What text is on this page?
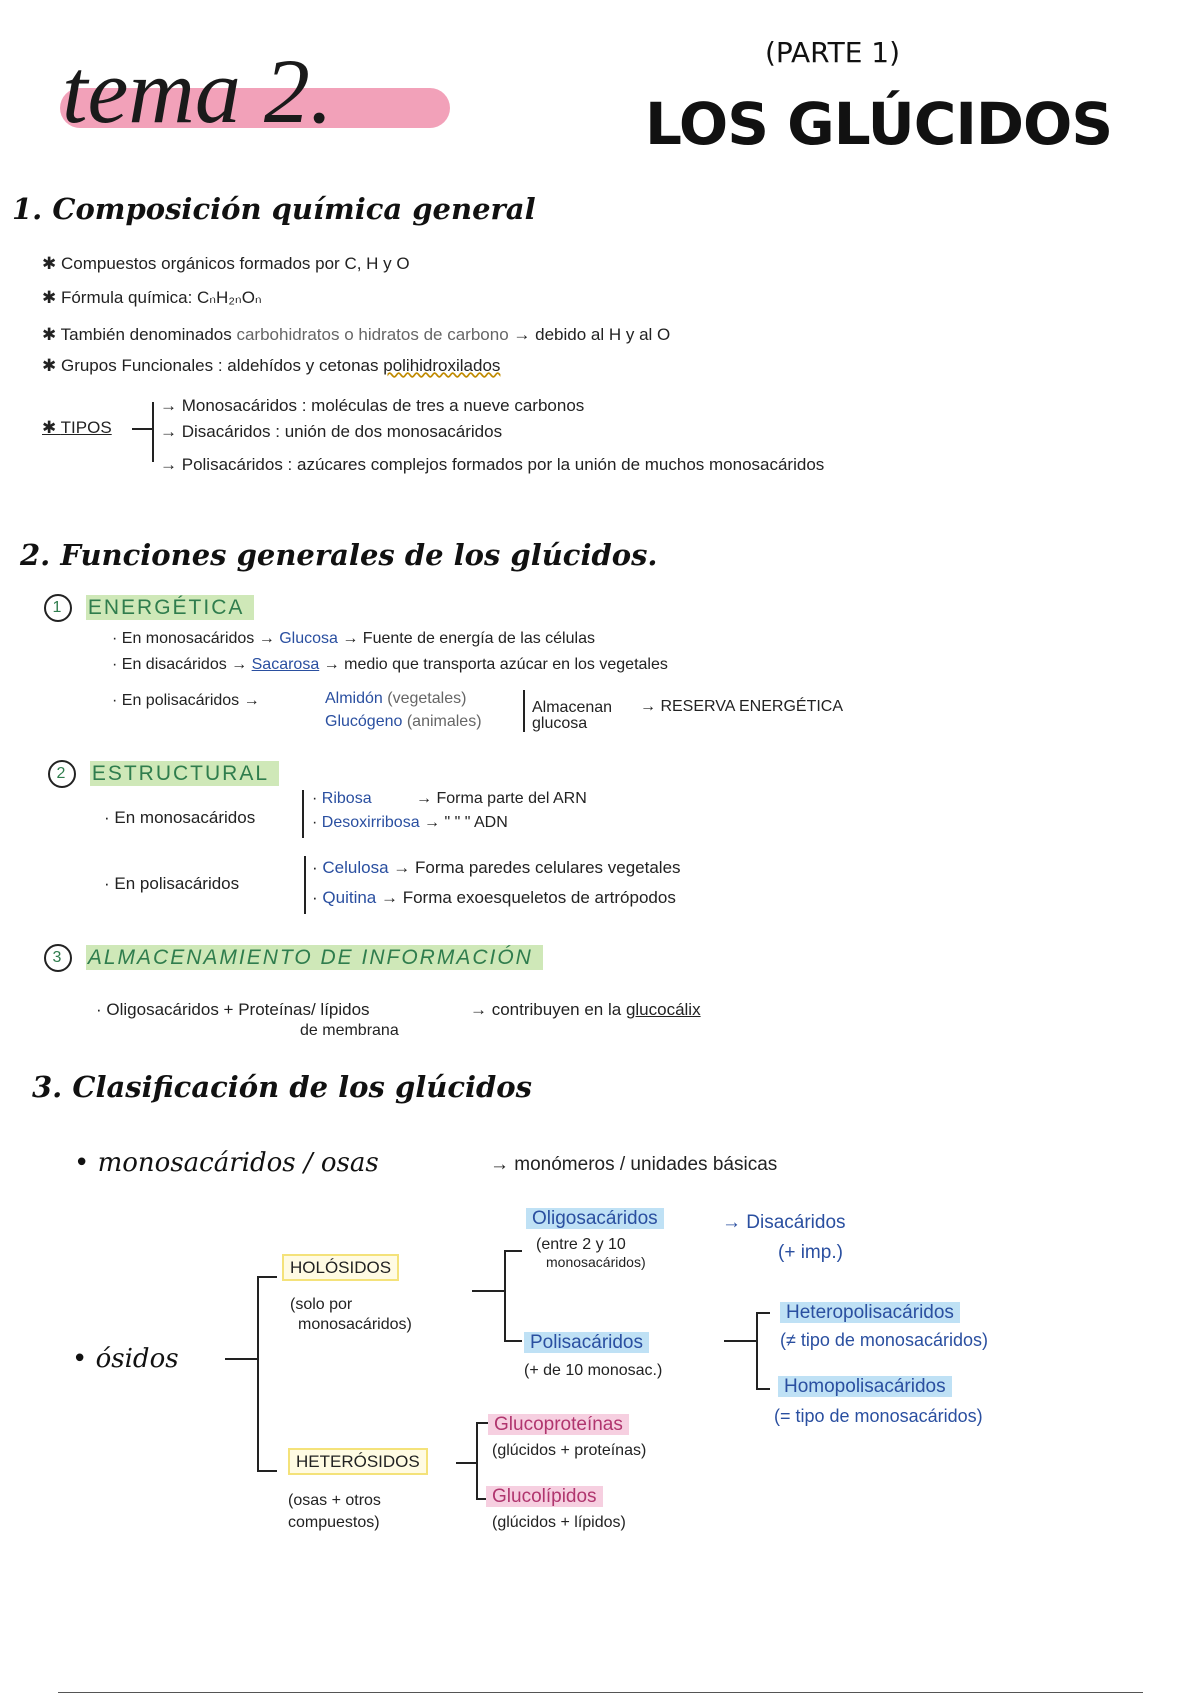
tema 2.	(PARTE 1)
LOS GLÚCIDOS
1. Composición química general
✱ Compuestos orgánicos formados por C, H y O
✱ Fórmula química: CₙH₂ₙOₙ
✱ También denominados carbohidratos o hidratos de carbono → debido al H y al O
✱ Grupos Funcionales : aldehídos y cetonas polihidroxilados
✱ TIPOS
→ Monosacáridos : moléculas de tres a nueve carbonos
→ Disacáridos : unión de dos monosacáridos
→ Polisacáridos : azúcares complejos formados por la unión de muchos monosacáridos
2. Funciones generales de los glúcidos.
1 ENERGÉTICA
· En monosacáridos → Glucosa → Fuente de energía de las células
· En disacáridos → Sacarosa → medio que transporta azúcar en los vegetales
· En polisacáridos →	Almidón (vegetales)
Glucógeno (animales)
Almacenan glucosa
→ RESERVA ENERGÉTICA
2 ESTRUCTURAL
· En monosacáridos
· Ribosa	→ Forma parte del ARN
· Desoxirribosa → " " " ADN
· En polisacáridos
· Celulosa → Forma paredes celulares vegetales
· Quitina → Forma exoesqueletos de artrópodos
3 ALMACENAMIENTO DE INFORMACIÓN
· Oligosacáridos + Proteínas/ lípidos
de membrana
→ contribuyen en la glucocálix
3. Clasificación de los glúcidos
• monosacáridos / osas	→ monómeros / unidades básicas
• ósidos
HOLÓSIDOS
(solo por
monosacáridos)
HETERÓSIDOS
(osas + otros
compuestos)
Oligosacáridos
(entre 2 y 10
monosacáridos)
→ Disacáridos
(+ imp.)
Polisacáridos
(+ de 10 monosac.)
Heteropolisacáridos
(≠ tipo de monosacáridos)
Homopolisacáridos
(= tipo de monosacáridos)
Glucoproteínas
(glúcidos + proteínas)
Glucolípidos
(glúcidos + lípidos)
